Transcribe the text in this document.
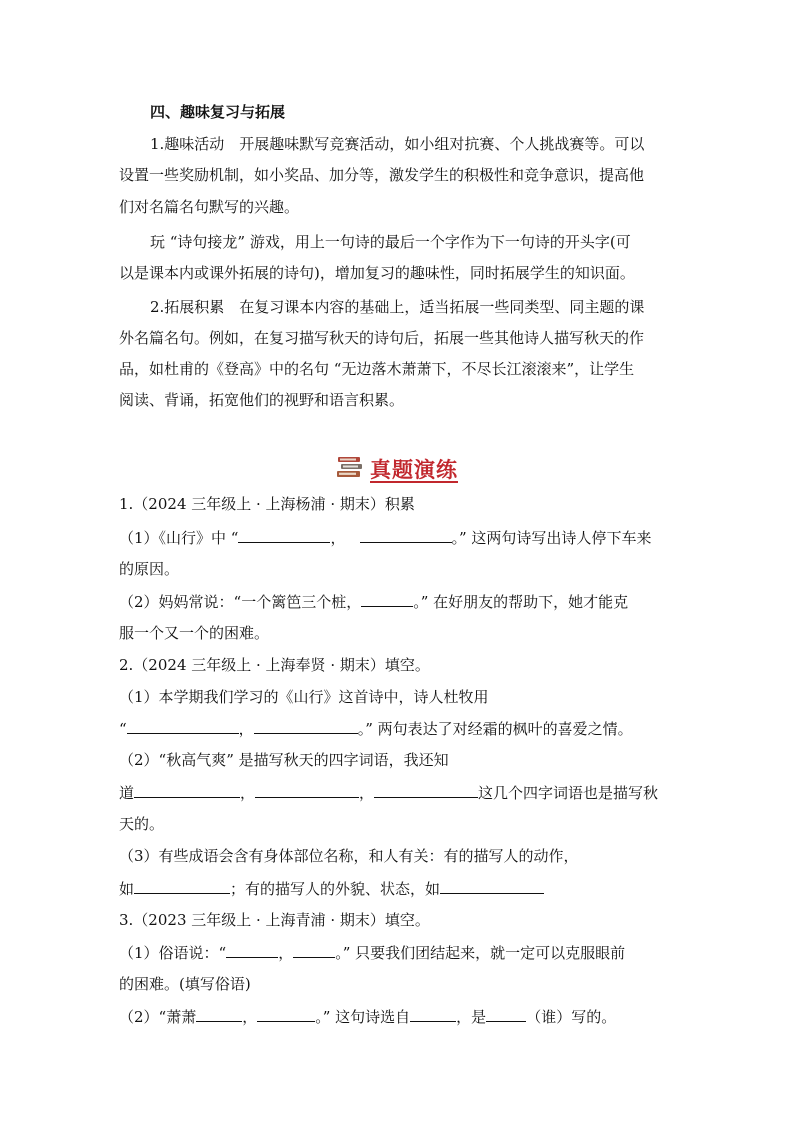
四、趣味复习与拓展
1.趣味活动　开展趣味默写竞赛活动，如小组对抗赛、个人挑战赛等。可以
设置一些奖励机制，如小奖品、加分等，激发学生的积极性和竞争意识，提高他
们对名篇名句默写的兴趣。
玩 “诗句接龙” 游戏，用上一句诗的最后一个字作为下一句诗的开头字(可
以是课本内或课外拓展的诗句)，增加复习的趣味性，同时拓展学生的知识面。
2.拓展积累　在复习课本内容的基础上，适当拓展一些同类型、同主题的课
外名篇名句。例如，在复习描写秋天的诗句后，拓展一些其他诗人描写秋天的作
品，如杜甫的《登高》中的名句 “无边落木萧萧下，不尽长江滚滚来”，让学生
阅读、背诵，拓宽他们的视野和语言积累。
真题演练
1.（2024 三年级上 · 上海杨浦 · 期末）积累
（1）《山行》中 “	，	。” 这两句诗写出诗人停下车来
的原因。
（2）妈妈常说：“一个篱笆三个桩，	。” 在好朋友的帮助下，她才能克
服一个又一个的困难。
2.（2024 三年级上 · 上海奉贤 · 期末）填空。
（1）本学期我们学习的《山行》这首诗中，诗人杜牧用
“	，	。” 两句表达了对经霜的枫叶的喜爱之情。
（2）“秋高气爽” 是描写秋天的四字词语，我还知
道	，	，	这几个四字词语也是描写秋
天的。
（3）有些成语会含有身体部位名称，和人有关：有的描写人的动作，
如	；有的描写人的外貌、状态，如
3.（2023 三年级上 · 上海青浦 · 期末）填空。
（1）俗语说：“	，	。” 只要我们团结起来，就一定可以克服眼前
的困难。(填写俗语)
（2）“萧萧	，	。” 这句诗选自	，是	（谁）写的。
